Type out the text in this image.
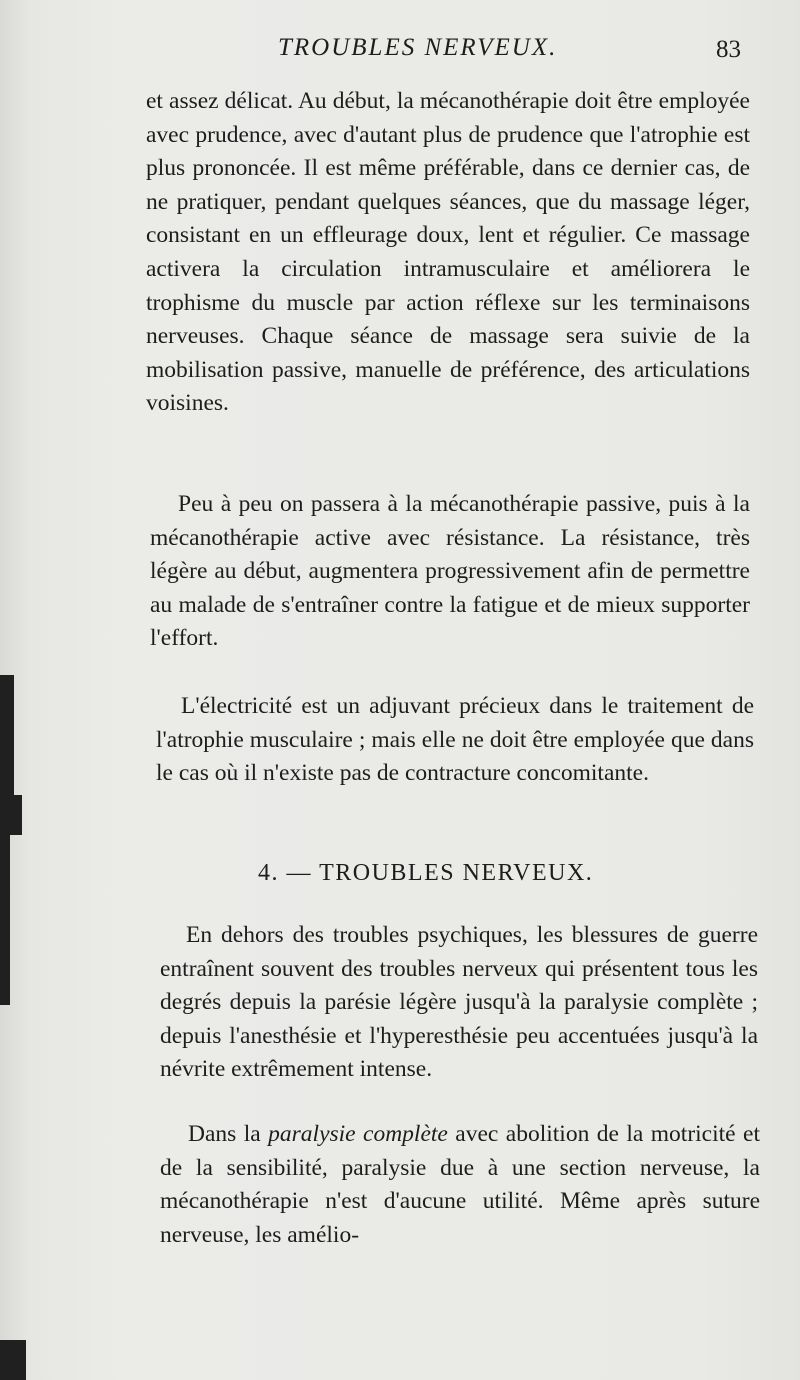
TROUBLES NERVEUX.	83

et assez délicat. Au début, la mécanothérapie doit être employée avec prudence, avec d'autant plus de prudence que l'atrophie est plus prononcée. Il est même préférable, dans ce dernier cas, de ne pratiquer, pendant quelques séances, que du massage léger, consistant en un effleurage doux, lent et régulier. Ce massage activera la circulation intramusculaire et améliorera le trophisme du muscle par action réflexe sur les terminaisons nerveuses. Chaque séance de massage sera suivie de la mobilisation passive, manuelle de préférence, des articulations voisines.

Peu à peu on passera à la mécanothérapie passive, puis à la mécanothérapie active avec résistance. La résistance, très légère au début, augmentera progressivement afin de permettre au malade de s'entraîner contre la fatigue et de mieux supporter l'effort.

L'électricité est un adjuvant précieux dans le traitement de l'atrophie musculaire ; mais elle ne doit être employée que dans le cas où il n'existe pas de contracture concomitante.

4. — TROUBLES NERVEUX.

En dehors des troubles psychiques, les blessures de guerre entraînent souvent des troubles nerveux qui présentent tous les degrés depuis la parésie légère jusqu'à la paralysie complète ; depuis l'anesthésie et l'hyperesthésie peu accentuées jusqu'à la névrite extrêmement intense.

Dans la paralysie complète avec abolition de la motricité et de la sensibilité, paralysie due à une section nerveuse, la mécanothérapie n'est d'aucune utilité. Même après suture nerveuse, les amélio-
